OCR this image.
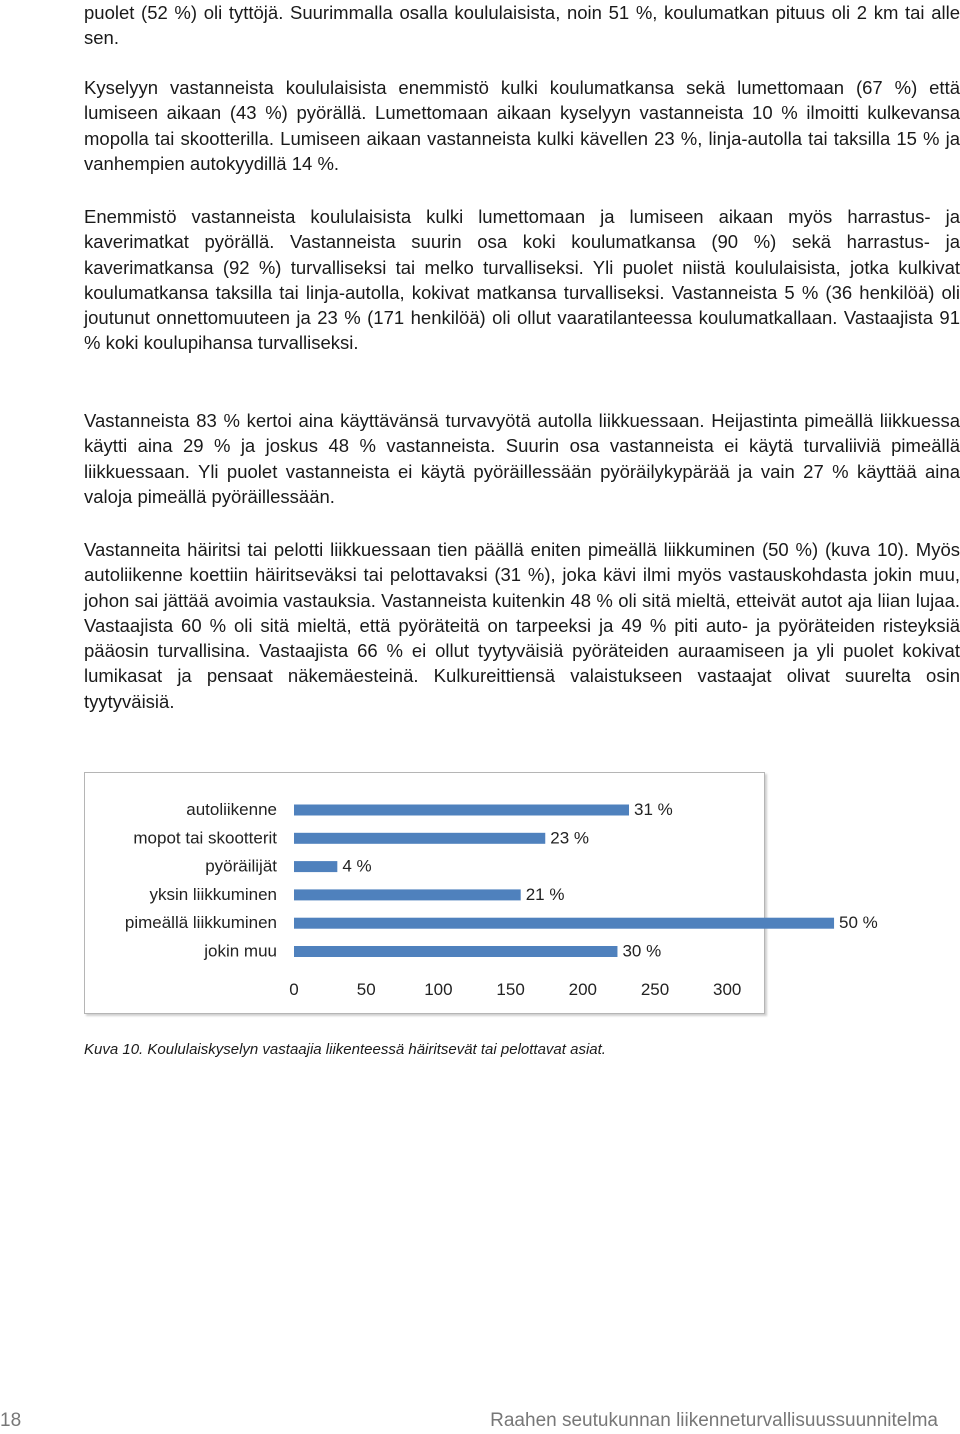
puolet (52 %) oli tyttöjä. Suurimmalla osalla koululaisista, noin 51 %, koulumatkan pituus oli 2 km tai alle sen.

Kyselyyn vastanneista koululaisista enemmistö kulki koulumatkansa sekä lumettomaan (67 %) että lumiseen aikaan (43 %) pyörällä. Lumettomaan aikaan kyselyyn vastanneista 10 % ilmoitti kulkevansa mopolla tai skootterilla. Lumiseen aikaan vastanneista kulki kävellen 23 %, linja-autolla tai taksilla 15 % ja vanhempien autokyydillä 14 %.

Enemmistö vastanneista koululaisista kulki lumettomaan ja lumiseen aikaan myös harrastus- ja kaverimatkat pyörällä. Vastanneista suurin osa koki koulumatkansa (90 %) sekä harrastus- ja kaverimatkansa (92 %) turvalliseksi tai melko turvalliseksi. Yli puolet niistä koululaisista, jotka kulkivat koulumatkansa taksilla tai linja-autolla, kokivat matkansa turvalliseksi. Vastanneista 5 % (36 henkilöä) oli joutunut onnettomuuteen ja 23 % (171 henkilöä) oli ollut vaaratilanteessa koulumatkallaan. Vastaajista 91 % koki koulupihansa turvalliseksi.

Vastanneista 83 % kertoi aina käyttävänsä turvavyötä autolla liikkuessaan. Heijastinta pimeällä liikkuessa käytti aina 29 % ja joskus 48 % vastanneista. Suurin osa vastanneista ei käytä turvaliiviä pimeällä liikkuessaan. Yli puolet vastanneista ei käytä pyöräillessään pyöräilykypärää ja vain 27 % käyttää aina valoja pimeällä pyöräillessään.

Vastanneita häiritsi tai pelotti liikkuessaan tien päällä eniten pimeällä liikkuminen (50 %) (kuva 10). Myös autoliikenne koettiin häiritseväksi tai pelottavaksi (31 %), joka kävi ilmi myös vastauskohdasta jokin muu, johon sai jättää avoimia vastauksia. Vastanneista kuitenkin 48 % oli sitä mieltä, etteivät autot aja liian lujaa. Vastaajista 60 % oli sitä mieltä, että pyöräteitä on tarpeeksi ja 49 % piti auto- ja pyöräteiden risteyksiä pääosin turvallisina. Vastaajista 66 % ei ollut tyytyväisiä pyöräteiden auraamiseen ja yli puolet kokivat lumikasat ja pensaat näkemäesteinä. Kulkureittiensä valaistukseen vastaajat olivat suurelta osin tyytyväisiä.

autoliikenne	31 %
mopot tai skootterit	23 %
pyöräilijät	4 %
yksin liikkuminen	21 %
pimeällä liikkuminen	50 %
jokin muu	30 %
0	50	100	150	200	250	300

Kuva 10. Koululaiskyselyn vastaajia liikenteessä häiritsevät tai pelottavat asiat.

18	Raahen seutukunnan liikenneturvallisuussuunnitelma
